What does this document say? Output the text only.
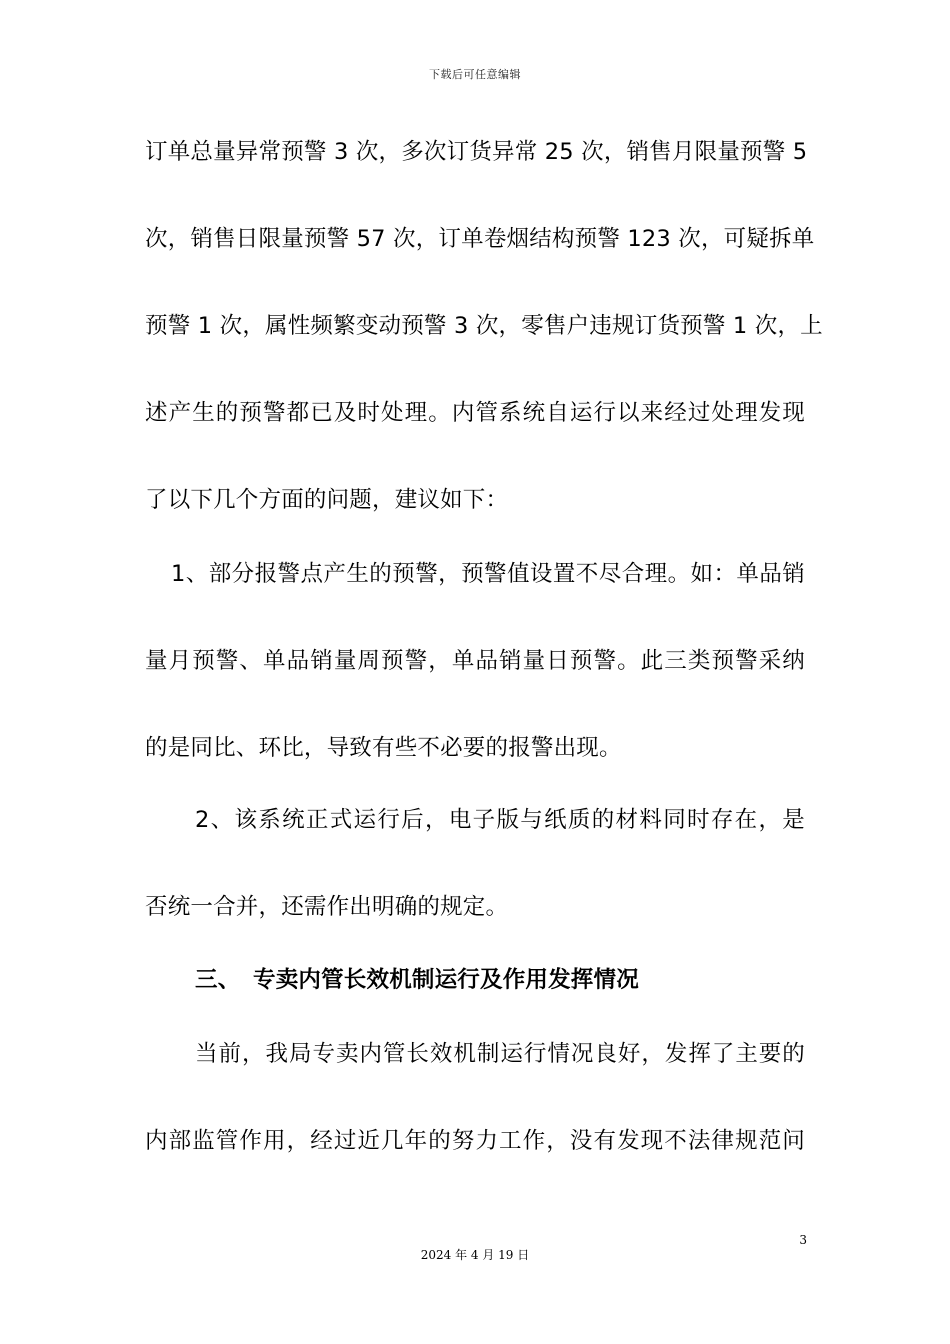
下载后可任意编辑
订单总量异常预警 3 次，多次订货异常 25 次，销售月限量预警 5
次，销售日限量预警 57 次，订单卷烟结构预警 123 次，可疑拆单
预警 1 次，属性频繁变动预警 3 次，零售户违规订货预警 1 次，上
述产生的预警都已及时处理。内管系统自运行以来经过处理发现
了以下几个方面的问题，建议如下：
1、部分报警点产生的预警，预警值设置不尽合理。如：单品销
量月预警、单品销量周预警，单品销量日预警。此三类预警采纳
的是同比、环比，导致有些不必要的报警出现。
2、该系统正式运行后，电子版与纸质的材料同时存在，是
否统一合并，还需作出明确的规定。
三、 专卖内管长效机制运行及作用发挥情况
当前，我局专卖内管长效机制运行情况良好，发挥了主要的
内部监管作用，经过近几年的努力工作，没有发现不法律规范问
3
2024 年 4 月 19 日
